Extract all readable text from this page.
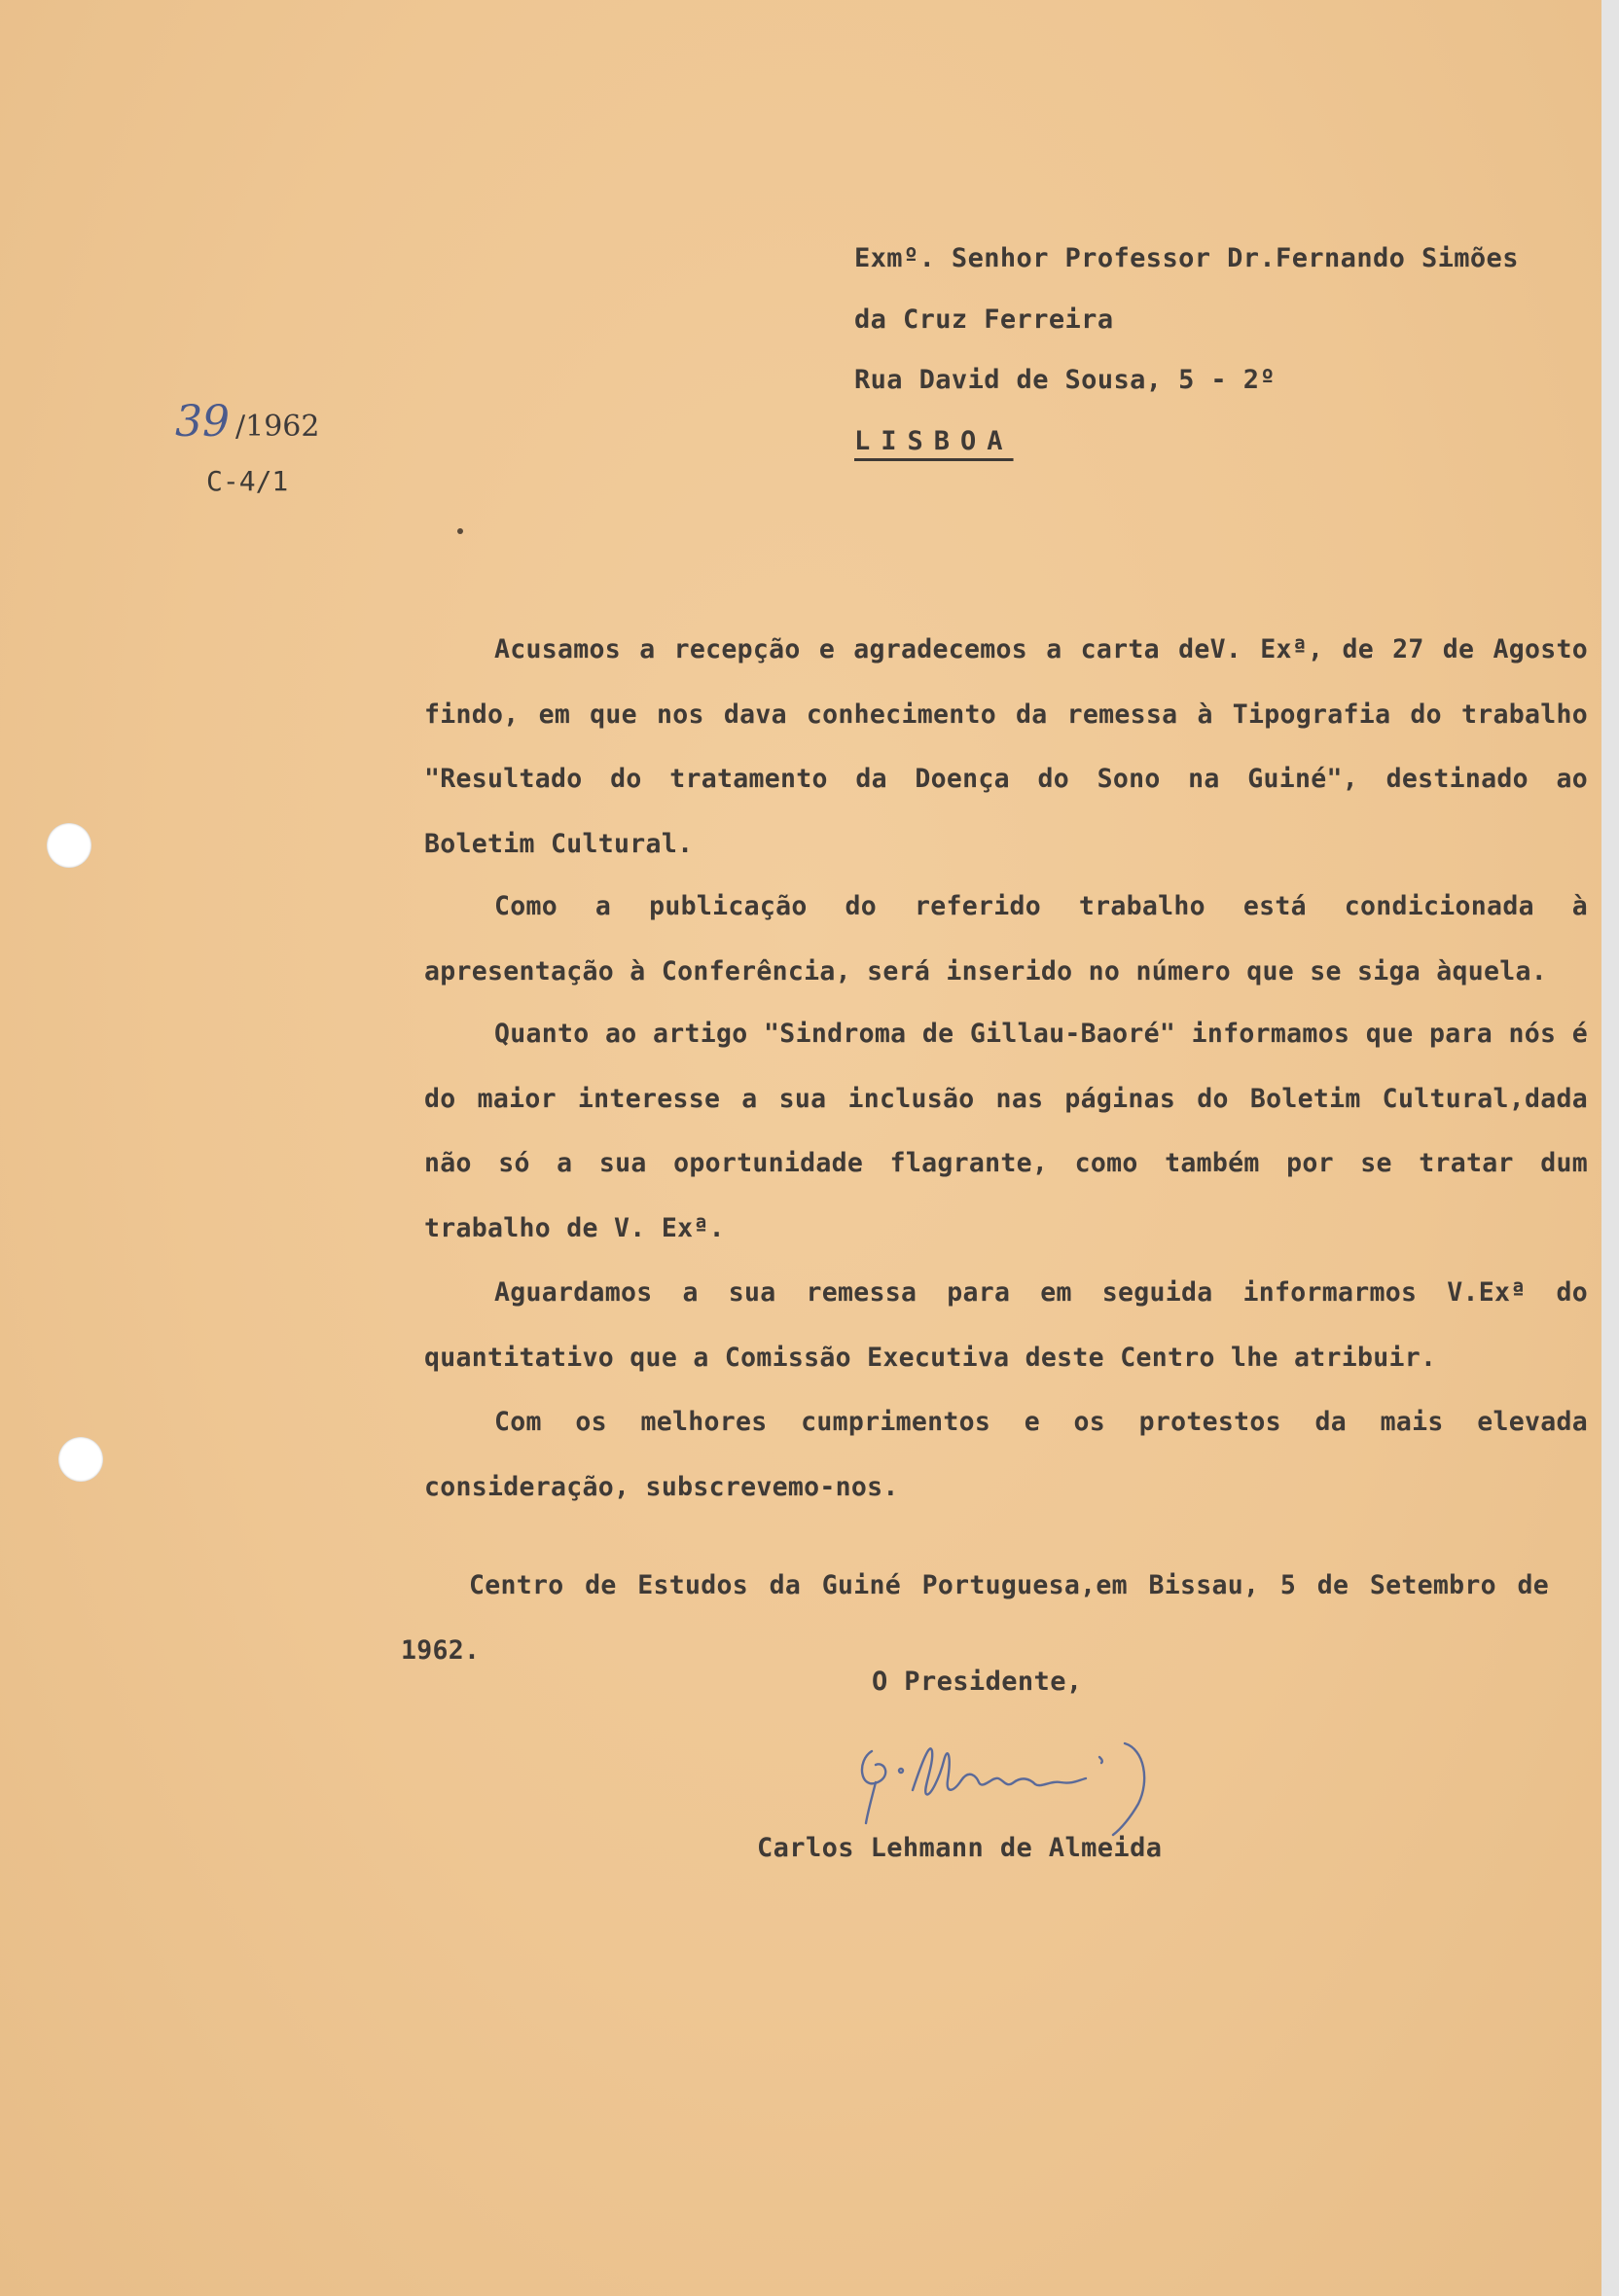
39 /1962
C-4/1
Exmº. Senhor Professor Dr.Fernando Simões
da Cruz Ferreira
Rua David de Sousa, 5 - 2º
LISBOA
Acusamos a recepção e agradecemos a carta deV. Exª, de 27 de Agosto findo, em que nos dava conhecimento da remessa à Tipografia do trabalho "Resultado do tratamento da Doença do Sono na Guiné", destinado ao Boletim Cultural.
Como a publicação do referido trabalho está condicionada à apresentação à Conferência, será inserido no número que se siga àquela.
Quanto ao artigo "Sindroma de Gillau-Baoré" informamos que para nós é do maior interesse a sua inclusão nas páginas do Boletim Cultural,dada não só a sua oportunidade flagrante, como também por se tratar dum trabalho de V. Exª.
Aguardamos a sua remessa para em seguida informarmos V.Exª do quantitativo que a Comissão Executiva deste Centro lhe atribuir.
Com os melhores cumprimentos e os protestos da mais elevada consideração, subscrevemo-nos.
Centro de Estudos da Guiné Portuguesa,em Bissau, 5 de Setembro de 1962.
O Presidente,
Carlos Lehmann de Almeida
